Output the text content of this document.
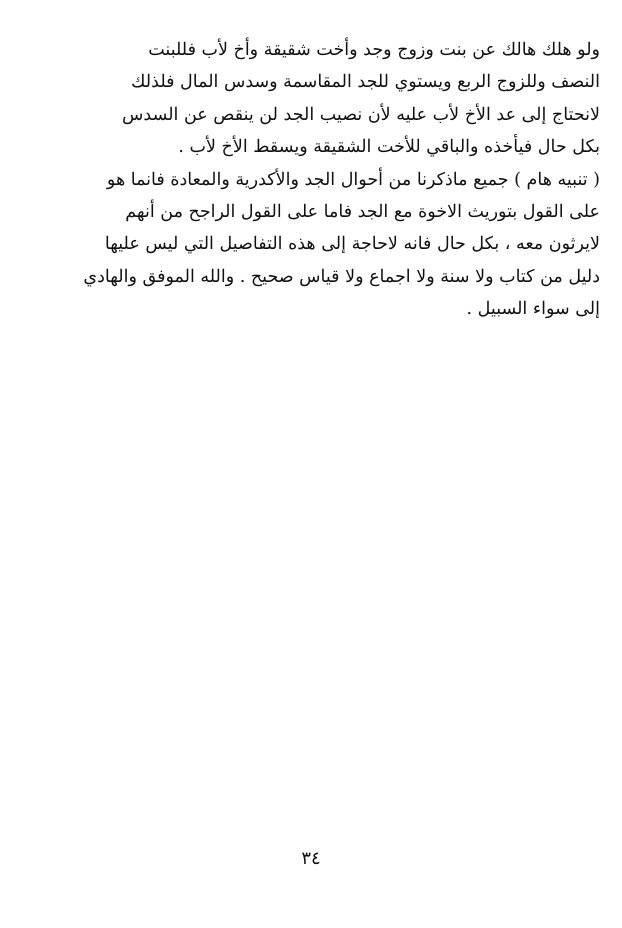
ولو هلك هالك عن بنت وزوج وجد وأخت شقيقة وأخ لأب فللبنت
النصف وللزوج الربع ويستوي للجد المقاسمة وسدس المال فلذلك
لانحتاج إلى عد الأخ لأب عليه لأن نصيب الجد لن ينقص عن السدس
بكل حال فيأخذه والباقي للأخت الشقيقة ويسقط الأخ لأب .
( تنبيه هام ) جميع ماذكرنا من أحوال الجد والأكدرية والمعادة فانما هو
على القول بتوريث الاخوة مع الجد فاما على القول الراجح من أنهم
لايرثون معه ، بكل حال فانه لاحاجة إلى هذه التفاصيل التي ليس عليها
دليل من كتاب ولا سنة ولا اجماع ولا قياس صحيح . والله الموفق والهادي
إلى سواء السبيل .
٣٤
